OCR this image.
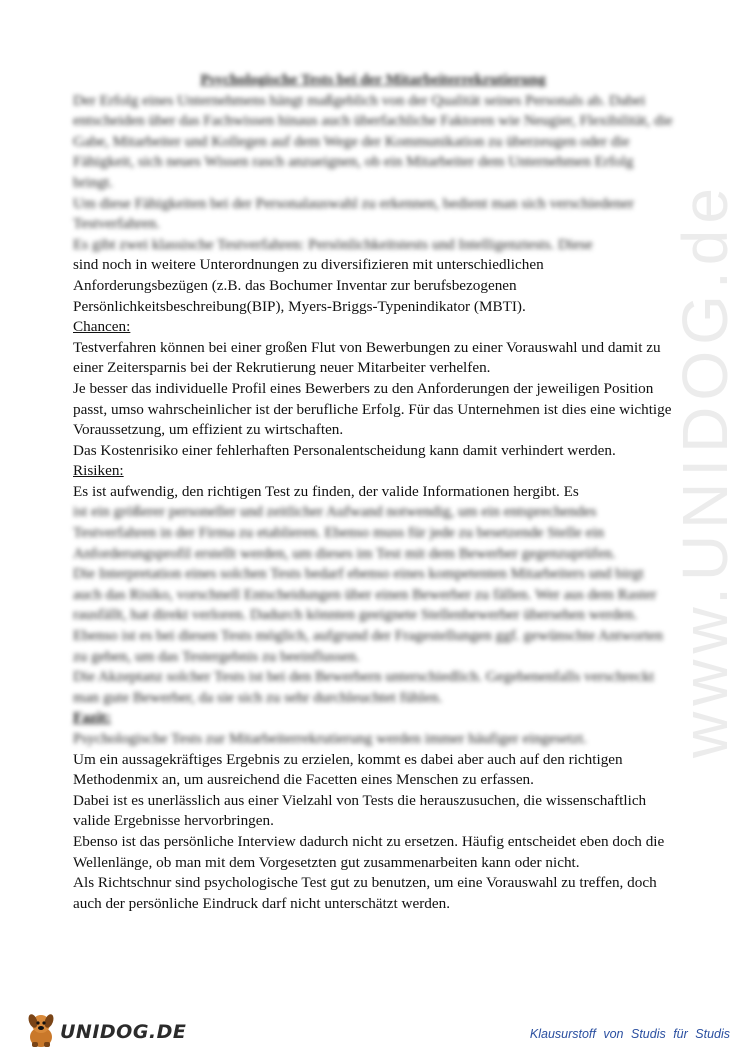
www.UNIDOG.de

Psychologische Tests bei der Mitarbeiterrekrutierung

Der Erfolg eines Unternehmens hängt maßgeblich von der Qualität seines Personals ab. Dabei entscheiden über das Fachwissen hinaus auch überfachliche Faktoren wie Neugier, Flexibilität, die Gabe, Mitarbeiter und Kollegen auf dem Wege der Kommunikation zu überzeugen oder die Fähigkeit, sich neues Wissen rasch anzueignen, ob ein Mitarbeiter dem Unternehmen Erfolg bringt.

Um diese Fähigkeiten bei der Personalauswahl zu erkennen, bedient man sich verschiedener Testverfahren.

Es gibt zwei klassische Testverfahren: Persönlichkeitstests und Intelligenztests. Diese

sind noch in weitere Unterordnungen zu diversifizieren mit unterschiedlichen

Anforderungsbezügen (z.B. das Bochumer Inventar zur berufsbezogenen

Persönlichkeitsbeschreibung(BIP), Myers-Briggs-Typenindikator (MBTI).

Chancen:

Testverfahren können bei einer großen Flut von Bewerbungen zu einer Vorauswahl und damit zu einer Zeitersparnis bei der Rekrutierung neuer Mitarbeiter verhelfen.

Je besser das individuelle Profil eines Bewerbers zu den Anforderungen der jeweiligen Position passt, umso wahrscheinlicher ist der berufliche Erfolg. Für das Unternehmen ist dies eine wichtige Voraussetzung, um effizient zu wirtschaften.

Das Kostenrisiko einer fehlerhaften Personalentscheidung kann damit verhindert werden.

Risiken:

Es ist aufwendig, den richtigen Test zu finden, der valide Informationen hergibt. Es

ist ein größerer personeller und zeitlicher Aufwand notwendig, um ein entsprechendes Testverfahren in der Firma zu etablieren. Ebenso muss für jede zu besetzende Stelle ein Anforderungsprofil erstellt werden, um dieses im Test mit dem Bewerber gegenzuprüfen.

Die Interpretation eines solchen Tests bedarf ebenso eines kompetenten Mitarbeiters und birgt auch das Risiko, vorschnell Entscheidungen über einen Bewerber zu fällen. Wer aus dem Raster rausfällt, hat direkt verloren. Dadurch könnten geeignete Stellenbewerber übersehen werden.

Ebenso ist es bei diesen Tests möglich, aufgrund der Fragestellungen ggf. gewünschte Antworten zu geben, um das Testergebnis zu beeinflussen.

Die Akzeptanz solcher Tests ist bei den Bewerbern unterschiedlich. Gegebenenfalls verschreckt man gute Bewerber, da sie sich zu sehr durchleuchtet fühlen.

Fazit:

Psychologische Tests zur Mitarbeiterrekrutierung werden immer häufiger eingesetzt.

Um ein aussagekräftiges Ergebnis zu erzielen, kommt es dabei aber auch auf den richtigen Methodenmix an, um ausreichend die Facetten eines Menschen zu erfassen.

Dabei ist es unerlässlich aus einer Vielzahl von Tests die herauszusuchen, die wissenschaftlich valide Ergebnisse hervorbringen.

Ebenso ist das persönliche Interview dadurch nicht zu ersetzen. Häufig entscheidet eben doch die Wellenlänge, ob man mit dem Vorgesetzten gut zusammenarbeiten kann oder nicht.

Als Richtschnur sind psychologische Test gut zu benutzen, um eine Vorauswahl zu treffen, doch auch der persönliche Eindruck darf nicht unterschätzt werden.

UNIDOG.DE	Klausurstoff von Studis für Studis
